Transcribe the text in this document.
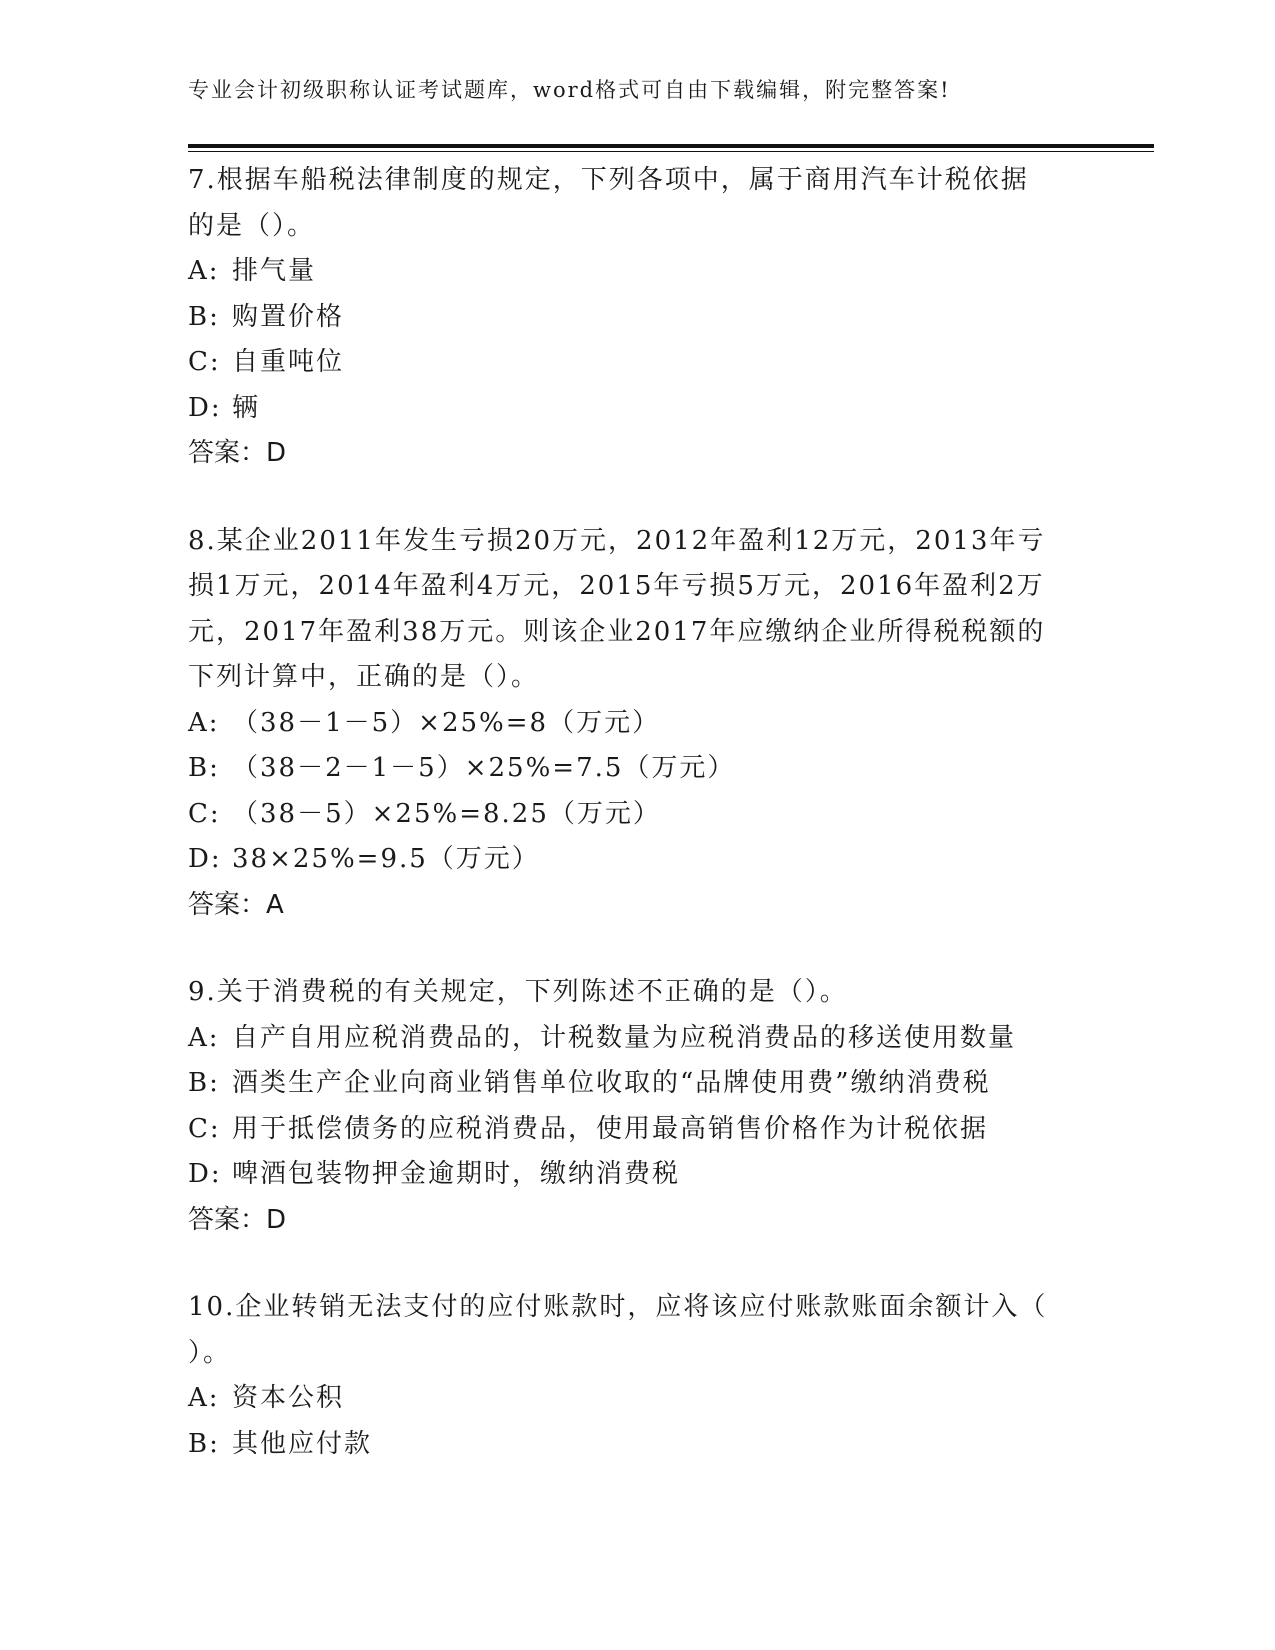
专业会计初级职称认证考试题库，word格式可自由下载编辑，附完整答案!
7.根据车船税法律制度的规定，下列各项中，属于商用汽车计税依据
的是（）。
A: 排气量
B: 购置价格
C: 自重吨位
D: 辆
答案：D
8.某企业2011年发生亏损20万元，2012年盈利12万元，2013年亏
损1万元，2014年盈利4万元，2015年亏损5万元，2016年盈利2万
元，2017年盈利38万元。则该企业2017年应缴纳企业所得税税额的
下列计算中，正确的是（）。
A: （38－1－5）×25%=8（万元）
B: （38－2－1－5）×25%=7.5（万元）
C: （38－5）×25%=8.25（万元）
D: 38×25%=9.5（万元）
答案：A
9.关于消费税的有关规定，下列陈述不正确的是（）。
A: 自产自用应税消费品的，计税数量为应税消费品的移送使用数量
B: 酒类生产企业向商业销售单位收取的“品牌使用费”缴纳消费税
C: 用于抵偿债务的应税消费品，使用最高销售价格作为计税依据
D: 啤酒包装物押金逾期时，缴纳消费税
答案：D
10.企业转销无法支付的应付账款时，应将该应付账款账面余额计入（
）。
A: 资本公积
B: 其他应付款
